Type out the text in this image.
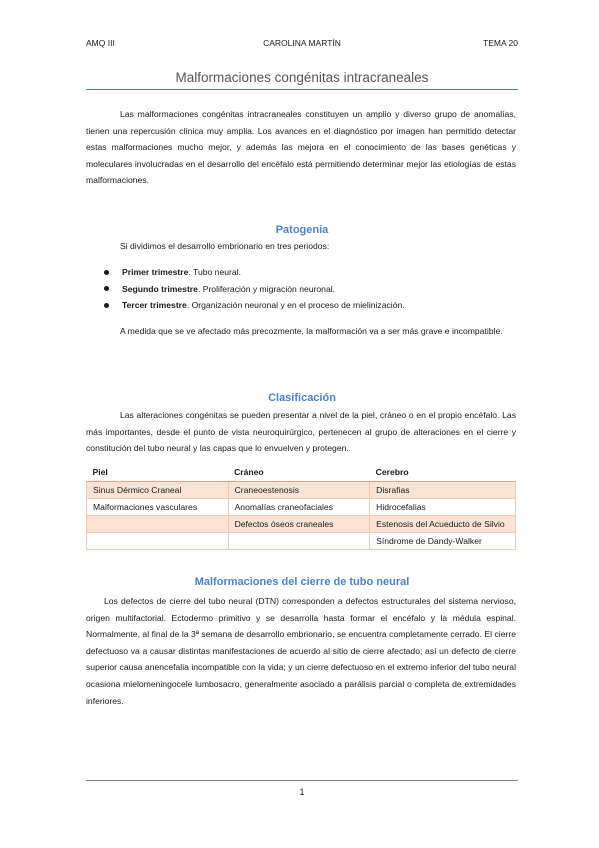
AMQ III	CAROLINA MARTÍN	TEMA 20
Malformaciones congénitas intracraneales

Las malformaciones congénitas intracraneales constituyen un amplio y diverso grupo de anomalías, tienen una repercusión clínica muy amplia. Los avances en el diagnóstico por imagen han permitido detectar estas malformaciones mucho mejor, y además las mejora en el conocimiento de las bases genéticas y moleculares involucradas en el desarrollo del encéfalo está permitiendo determinar mejor las etiologías de estas malformaciones.

Patogenia

Si dividimos el desarrollo embrionario en tres periodos:

Primer trimestre. Tubo neural.
Segundo trimestre. Proliferación y migración neuronal.
Tercer trimestre. Organización neuronal y en el proceso de mielinización.

A medida que se ve afectado más precozmente, la malformación va a ser más grave e incompatible.

Clasificación

Las alteraciones congénitas se pueden presentar a nivel de la piel, cráneo o en el propio encéfalo. Las más importantes, desde el punto de vista neuroquirúrgico, pertenecen al grupo de alteraciones en el cierre y constitución del tubo neural y las capas que lo envuelven y protegen.

Piel	Cráneo	Cerebro
Sinus Dérmico Craneal	Craneoestenosis	Disrafias
Malformaciones vasculares	Anomalías craneofaciales	Hidrocefalias
	Defectos óseos craneales	Estenosis del Acueducto de Silvio
		Síndrome de Dandy-Walker
Malformaciones del cierre de tubo neural

Los defectos de cierre del tubo neural (DTN) corresponden a defectos estructurales del sistema nervioso, origen multifactorial. Ectodermo primitivo y se desarrolla hasta formar el encéfalo y la médula espinal. Normalmente, al final de la 3ª semana de desarrollo embrionario, se encuentra completamente cerrado. El cierre defectuoso va a causar distintas manifestaciones de acuerdo al sitio de cierre afectado; así un defecto de cierre superior causa anencefalia incompatible con la vida; y un cierre defectuoso en el extremo inferior del tubo neural ocasiona mielomeningocele lumbosacro, generalmente asociado a parálisis parcial o completa de extremidades inferiores.

1
